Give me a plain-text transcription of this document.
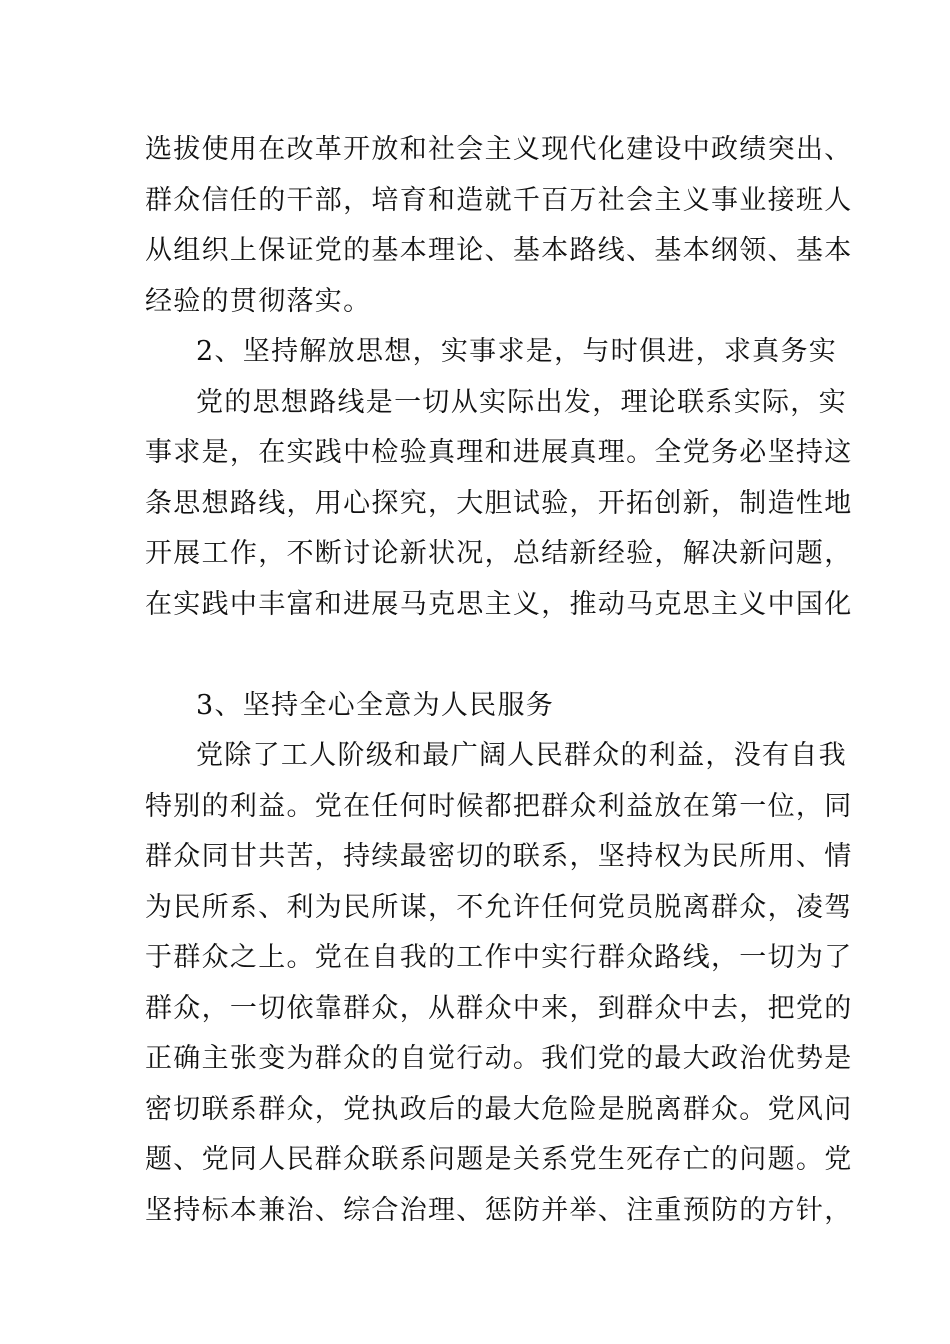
选拔使用在改革开放和社会主义现代化建设中政绩突出、
群众信任的干部，培育和造就千百万社会主义事业接班人
从组织上保证党的基本理论、基本路线、基本纲领、基本
经验的贯彻落实。
2、坚持解放思想，实事求是，与时俱进，求真务实
党的思想路线是一切从实际出发，理论联系实际，实
事求是，在实践中检验真理和进展真理。全党务必坚持这
条思想路线，用心探究，大胆试验，开拓创新，制造性地
开展工作，不断讨论新状况，总结新经验，解决新问题，
在实践中丰富和进展马克思主义，推动马克思主义中国化
3、坚持全心全意为人民服务
党除了工人阶级和最广阔人民群众的利益，没有自我
特别的利益。党在任何时候都把群众利益放在第一位，同
群众同甘共苦，持续最密切的联系，坚持权为民所用、情
为民所系、利为民所谋，不允许任何党员脱离群众，凌驾
于群众之上。党在自我的工作中实行群众路线，一切为了
群众，一切依靠群众，从群众中来，到群众中去，把党的
正确主张变为群众的自觉行动。我们党的最大政治优势是
密切联系群众，党执政后的最大危险是脱离群众。党风问
题、党同人民群众联系问题是关系党生死存亡的问题。党
坚持标本兼治、综合治理、惩防并举、注重预防的方针，
